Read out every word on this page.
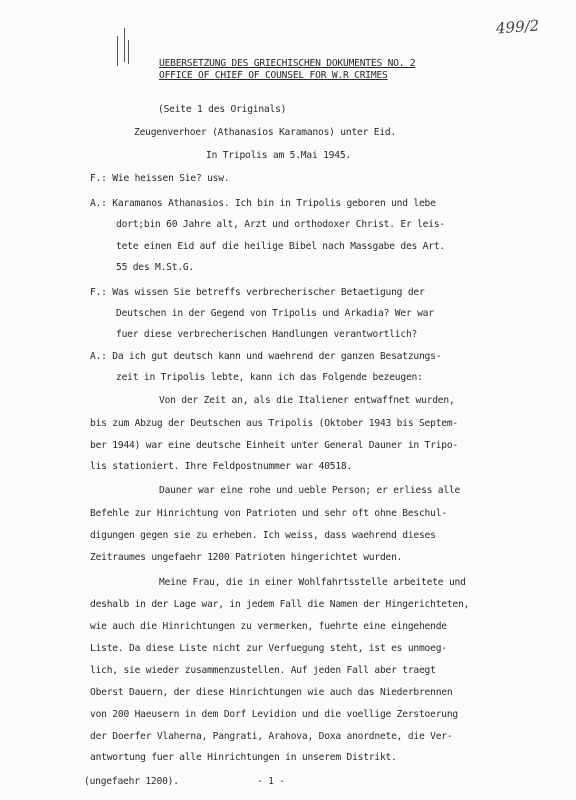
499/2
UEBERSETZUNG DES GRIECHISCHEN DOKUMENTES NO. 2
OFFICE OF CHIEF OF COUNSEL FOR W.R CRIMES
(Seite 1 des Originals)
Zeugenverhoer (Athanasios Karamanos) unter Eid.
In Tripolis am 5.Mai 1945.
F.: Wie heissen Sie? usw.
A.: Karamanos Athanasios. Ich bin in Tripolis geboren und lebe
dort;bin 60 Jahre alt, Arzt und orthodoxer Christ. Er leis-
tete einen Eid auf die heilige Bibel nach Massgabe des Art.
55 des M.St.G.
F.: Was wissen Sie betreffs verbrecherischer Betaetigung der
Deutschen in der Gegend von Tripolis und Arkadia? Wer war
fuer diese verbrecherischen Handlungen verantwortlich?
A.: Da ich gut deutsch kann und waehrend der ganzen Besatzungs-
zeit in Tripolis lebte, kann ich das Folgende bezeugen:
Von der Zeit an, als die Italiener entwaffnet wurden,
bis zum Abzug der Deutschen aus Tripolis (Oktober 1943 bis Septem-
ber 1944) war eine deutsche Einheit unter General Dauner in Tripo-
lis stationiert. Ihre Feldpostnummer war 40518.
Dauner war eine rohe und ueble Person; er erliess alle
Befehle zur Hinrichtung von Patrioten und sehr oft ohne Beschul-
digungen gegen sie zu erheben. Ich weiss, dass waehrend dieses
Zeitraumes ungefaehr 1200 Patrioten hingerichtet wurden.
Meine Frau, die in einer Wohlfahrtsstelle arbeitete und
deshalb in der Lage war, in jedem Fall die Namen der Hingerichteten,
wie auch die Hinrichtungen zu vermerken, fuehrte eine eingehende
Liste. Da diese Liste nicht zur Verfuegung steht, ist es unmoeg-
lich, sie wieder zusammenzustellen. Auf jeden Fall aber traegt
Oberst Dauern, der diese Hinrichtungen wie auch das Niederbrennen
von 200 Haeusern in dem Dorf Levidion und die voellige Zerstoerung
der Doerfer Vlaherna, Pangrati, Arahova, Doxa anordnete, die Ver-
antwortung fuer alle Hinrichtungen in unserem Distrikt.
(ungefaehr 1200).	- 1 -
